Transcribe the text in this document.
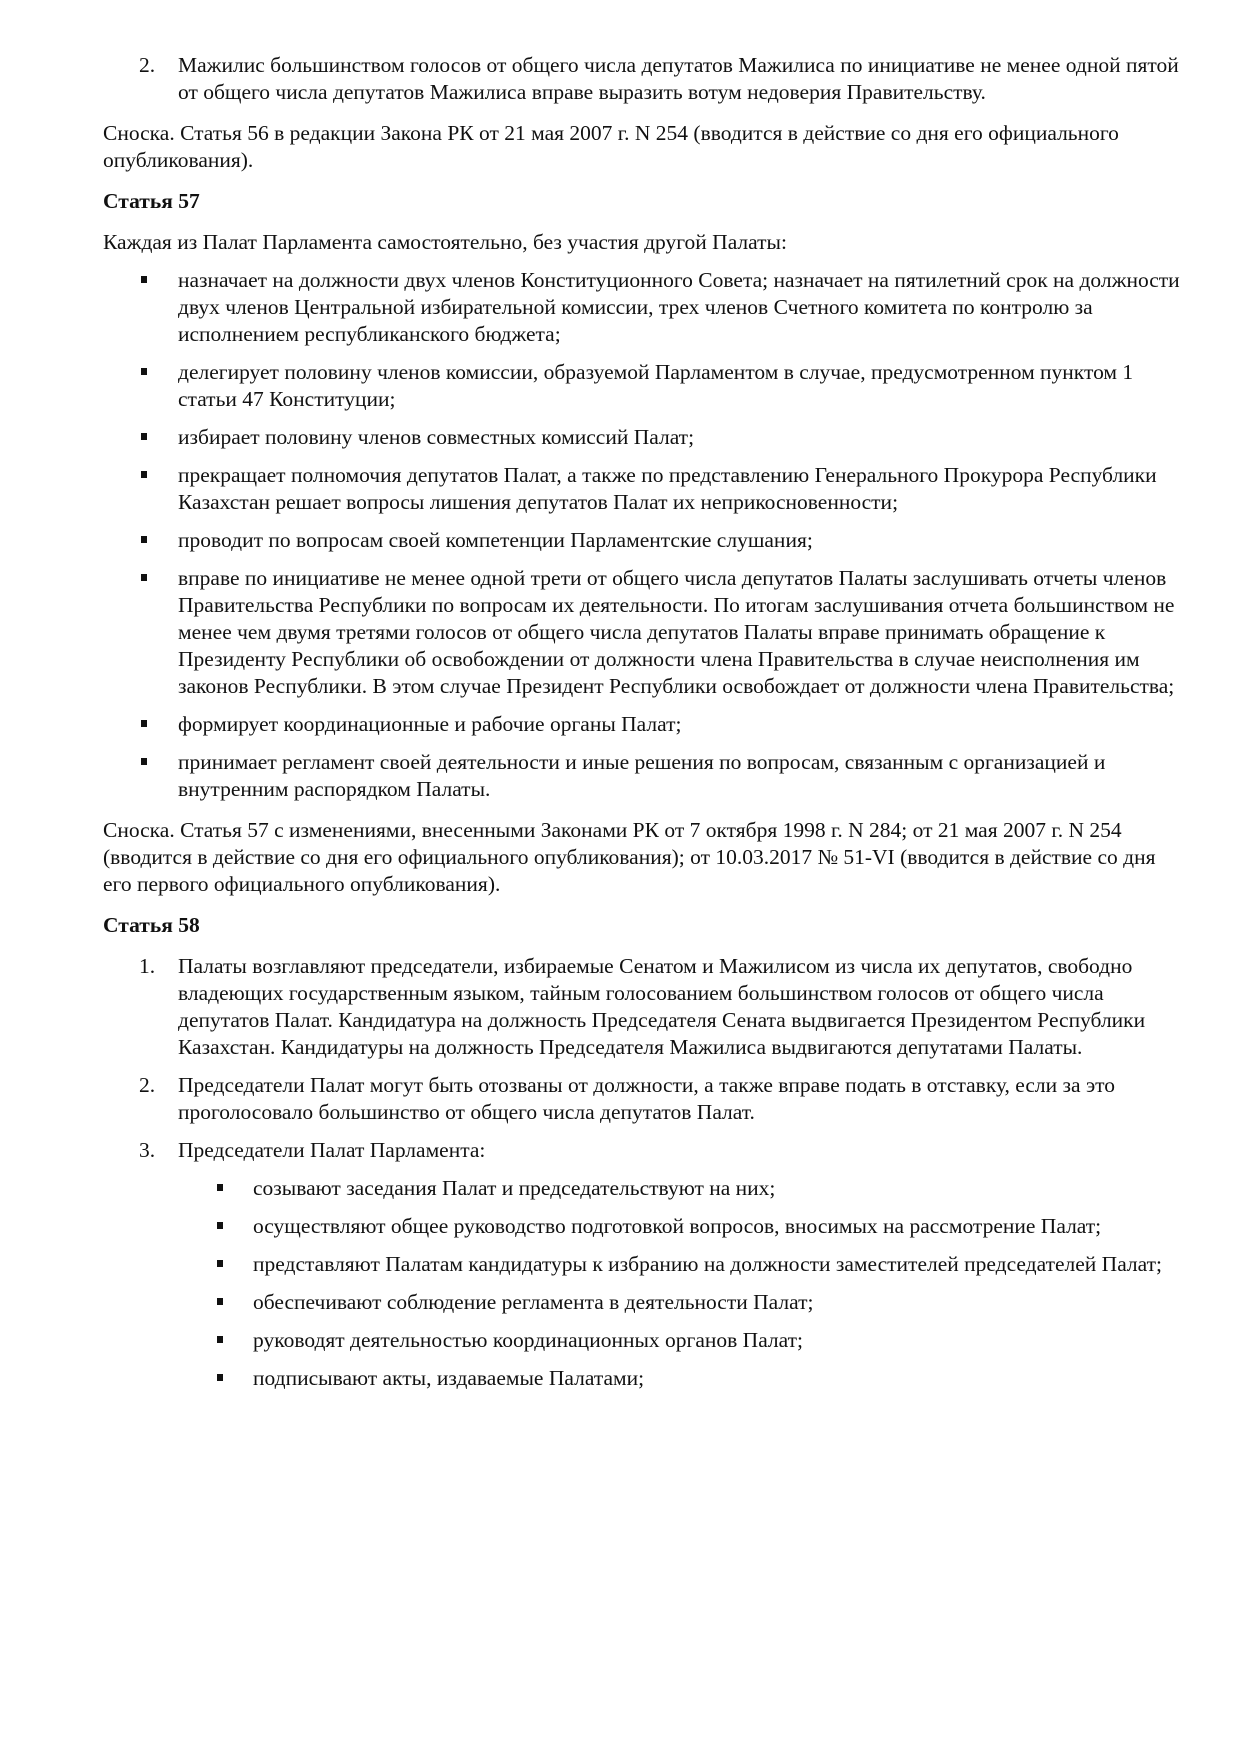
2. Мажилис большинством голосов от общего числа депутатов Мажилиса по инициативе не менее одной пятой от общего числа депутатов Мажилиса вправе выразить вотум недоверия Правительству.

Сноска. Статья 56 в редакции Закона РК от 21 мая 2007 г. N 254 (вводится в действие со дня его официального опубликования).

Статья 57

Каждая из Палат Парламента самостоятельно, без участия другой Палаты:

назначает на должности двух членов Конституционного Совета; назначает на пятилетний срок на должности двух членов Центральной избирательной комиссии, трех членов Счетного комитета по контролю за исполнением республиканского бюджета;
делегирует половину членов комиссии, образуемой Парламентом в случае, предусмотренном пунктом 1 статьи 47 Конституции;
избирает половину членов совместных комиссий Палат;
прекращает полномочия депутатов Палат, а также по представлению Генерального Прокурора Республики Казахстан решает вопросы лишения депутатов Палат их неприкосновенности;
проводит по вопросам своей компетенции Парламентские слушания;
вправе по инициативе не менее одной трети от общего числа депутатов Палаты заслушивать отчеты членов Правительства Республики по вопросам их деятельности. По итогам заслушивания отчета большинством не менее чем двумя третями голосов от общего числа депутатов Палаты вправе принимать обращение к Президенту Республики об освобождении от должности члена Правительства в случае неисполнения им законов Республики. В этом случае Президент Республики освобождает от должности члена Правительства;
формирует координационные и рабочие органы Палат;
принимает регламент своей деятельности и иные решения по вопросам, связанным с организацией и внутренним распорядком Палаты.

Сноска. Статья 57 с изменениями, внесенными Законами РК от 7 октября 1998 г. N 284; от 21 мая 2007 г. N 254 (вводится в действие со дня его официального опубликования); от 10.03.2017 № 51-VI (вводится в действие со дня его первого официального опубликования).

Статья 58

1. Палаты возглавляют председатели, избираемые Сенатом и Мажилисом из числа их депутатов, свободно владеющих государственным языком, тайным голосованием большинством голосов от общего числа депутатов Палат. Кандидатура на должность Председателя Сената выдвигается Президентом Республики Казахстан. Кандидатуры на должность Председателя Мажилиса выдвигаются депутатами Палаты.
2. Председатели Палат могут быть отозваны от должности, а также вправе подать в отставку, если за это проголосовало большинство от общего числа депутатов Палат.
3. Председатели Палат Парламента:
созывают заседания Палат и председательствуют на них;
осуществляют общее руководство подготовкой вопросов, вносимых на рассмотрение Палат;
представляют Палатам кандидатуры к избранию на должности заместителей председателей Палат;
обеспечивают соблюдение регламента в деятельности Палат;
руководят деятельностью координационных органов Палат;
подписывают акты, издаваемые Палатами;
